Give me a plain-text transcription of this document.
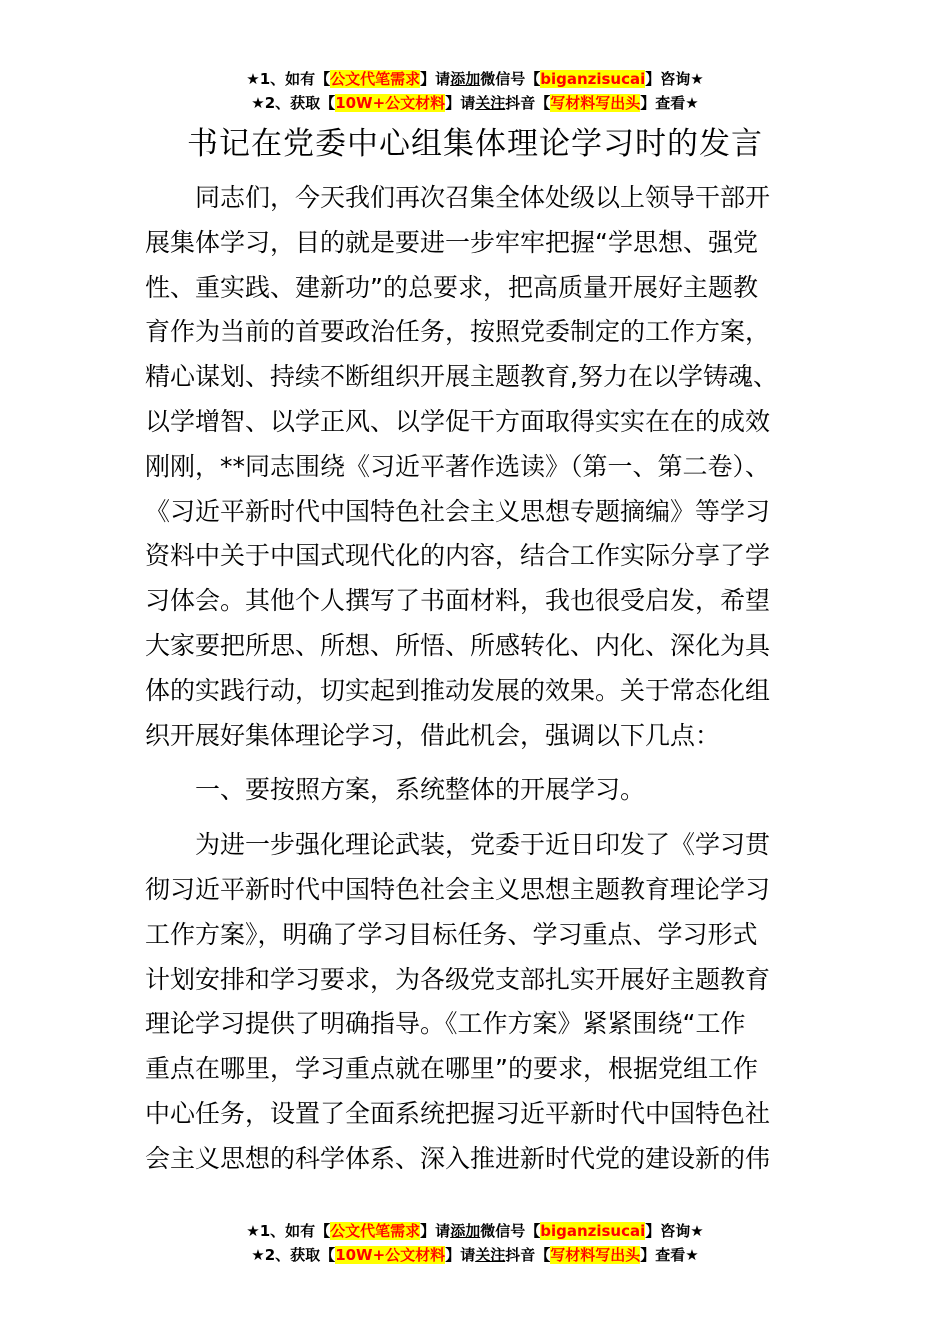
★1、如有【公文代笔需求】请添加微信号【biganzisucai】咨询★
★2、获取【10W+公文材料】请关注抖音【写材料写出头】查看★
书记在党委中心组集体理论学习时的发言
同志们，今天我们再次召集全体处级以上领导干部开
展集体学习，目的就是要进一步牢牢把握“学思想、强党
性、重实践、建新功”的总要求，把高质量开展好主题教
育作为当前的首要政治任务，按照党委制定的工作方案，
精心谋划、持续不断组织开展主题教育,努力在以学铸魂、
以学增智、以学正风、以学促干方面取得实实在在的成效
刚刚，**同志围绕《习近平著作选读》（第一、第二卷）、
《习近平新时代中国特色社会主义思想专题摘编》等学习
资料中关于中国式现代化的内容，结合工作实际分享了学
习体会。其他个人撰写了书面材料，我也很受启发，希望
大家要把所思、所想、所悟、所感转化、内化、深化为具
体的实践行动，切实起到推动发展的效果。关于常态化组
织开展好集体理论学习，借此机会，强调以下几点：
一、要按照方案，系统整体的开展学习。
为进一步强化理论武装，党委于近日印发了《学习贯
彻习近平新时代中国特色社会主义思想主题教育理论学习
工作方案》，明确了学习目标任务、学习重点、学习形式
计划安排和学习要求，为各级党支部扎实开展好主题教育
理论学习提供了明确指导。《工作方案》紧紧围绕“工作
重点在哪里，学习重点就在哪里”的要求，根据党组工作
中心任务，设置了全面系统把握习近平新时代中国特色社
会主义思想的科学体系、深入推进新时代党的建设新的伟
★1、如有【公文代笔需求】请添加微信号【biganzisucai】咨询★
★2、获取【10W+公文材料】请关注抖音【写材料写出头】查看★
